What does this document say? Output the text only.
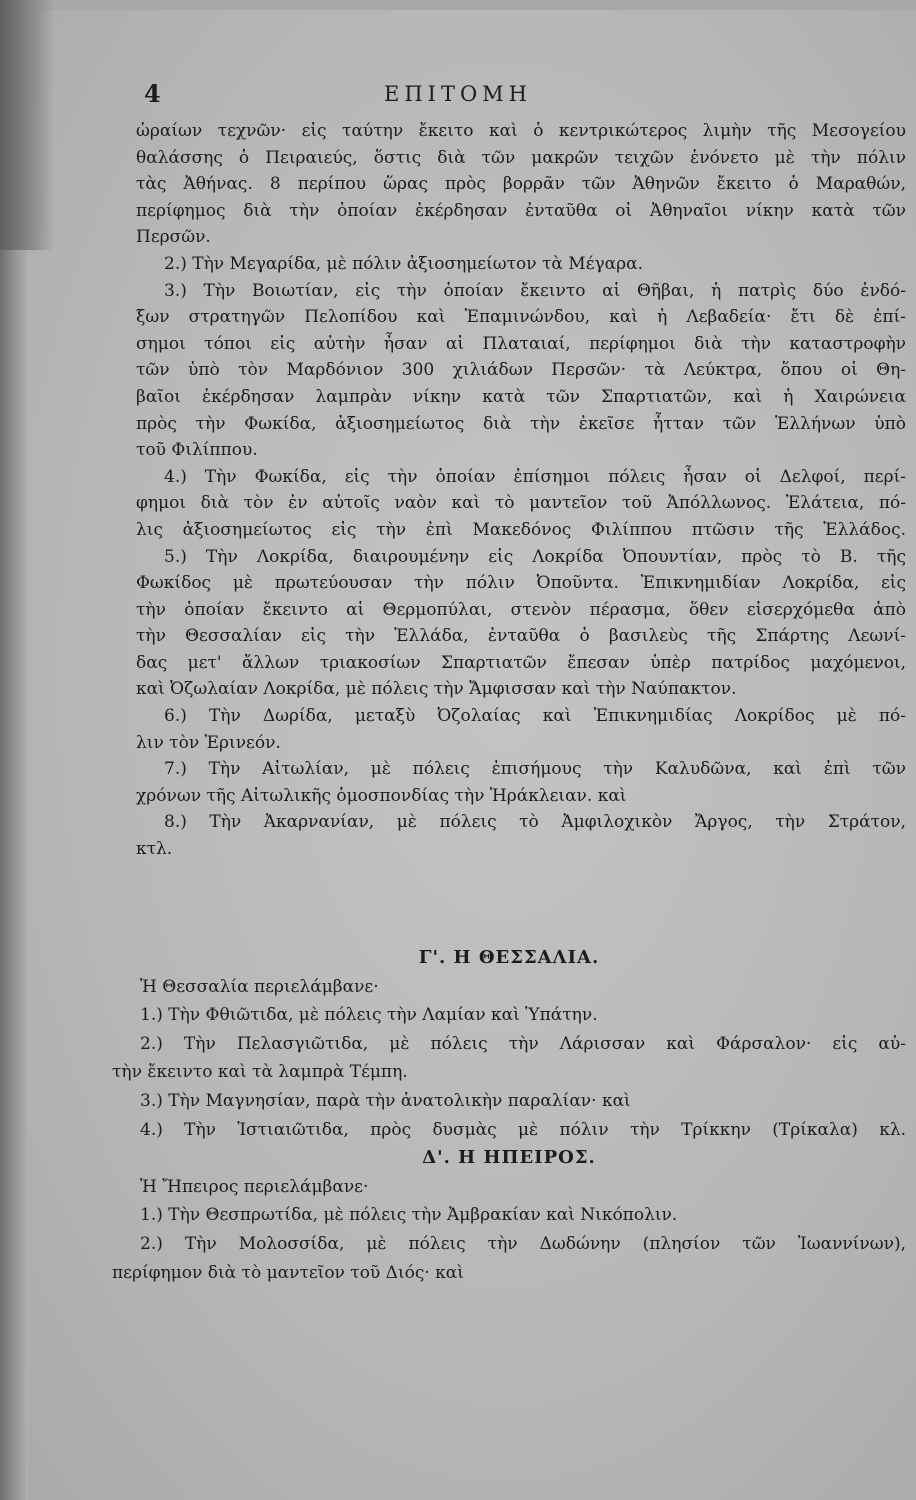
4	ΕΠΙΤΟΜΗ
ὡραίων τεχνῶν· εἰς ταύτην ἔκειτο καὶ ὁ κεντρικώτερος λιμὴν τῆς Μεσογείου
θαλάσσης ὁ Πειραιεύς, ὅστις διὰ τῶν μακρῶν τειχῶν ἑνόνετο μὲ τὴν πόλιν
τὰς Ἀθήνας. 8 περίπου ὥρας πρὸς βορρᾶν τῶν Ἀθηνῶν ἔκειτο ὁ Μαραθών,
περίφημος διὰ τὴν ὁποίαν ἐκέρδησαν ἐνταῦθα οἱ Ἀθηναῖοι νίκην κατὰ τῶν
Περσῶν.
2.) Τὴν Μεγαρίδα, μὲ πόλιν ἀξιοσημείωτον τὰ Μέγαρα.
3.) Τὴν Βοιωτίαν, εἰς τὴν ὁποίαν ἔκειντο αἱ Θῆβαι, ἡ πατρὶς δύο ἐνδό-
ξων στρατηγῶν Πελοπίδου καὶ Ἐπαμινώνδου, καὶ ἡ Λεβαδεία· ἔτι δὲ ἐπί-
σημοι τόποι εἰς αὐτὴν ἦσαν αἱ Πλαταιαί, περίφημοι διὰ τὴν καταστροφὴν
τῶν ὑπὸ τὸν Μαρδόνιον 300 χιλιάδων Περσῶν· τὰ Λεύκτρα, ὅπου οἱ Θη-
βαῖοι ἐκέρδησαν λαμπρὰν νίκην κατὰ τῶν Σπαρτιατῶν, καὶ ἡ Χαιρώνεια
πρὸς τὴν Φωκίδα, ἀξιοσημείωτος διὰ τὴν ἐκεῖσε ἧτταν τῶν Ἑλλήνων ὑπὸ
τοῦ Φιλίππου.
4.) Τὴν Φωκίδα, εἰς τὴν ὁποίαν ἐπίσημοι πόλεις ἦσαν οἱ Δελφοί, περί-
φημοι διὰ τὸν ἐν αὐτοῖς ναὸν καὶ τὸ μαντεῖον τοῦ Ἀπόλλωνος. Ἐλάτεια, πό-
λις ἀξιοσημείωτος εἰς τὴν ἐπὶ Μακεδόνος Φιλίππου πτῶσιν τῆς Ἑλλάδος.
5.) Τὴν Λοκρίδα, διαιρουμένην εἰς Λοκρίδα Ὀπουντίαν, πρὸς τὸ Β. τῆς
Φωκίδος μὲ πρωτεύουσαν τὴν πόλιν Ὀποῦντα. Ἐπικνημιδίαν Λοκρίδα, εἰς
τὴν ὁποίαν ἔκειντο αἱ Θερμοπύλαι, στενὸν πέρασμα, ὅθεν εἰσερχόμεθα ἀπὸ
τὴν Θεσσαλίαν εἰς τὴν Ἑλλάδα, ἐνταῦθα ὁ βασιλεὺς τῆς Σπάρτης Λεωνί-
δας μετ' ἄλλων τριακοσίων Σπαρτιατῶν ἔπεσαν ὑπὲρ πατρίδος μαχόμενοι,
καὶ Ὀζωλαίαν Λοκρίδα, μὲ πόλεις τὴν Ἄμφισσαν καὶ τὴν Ναύπακτον.
6.) Τὴν Δωρίδα, μεταξὺ Ὀζολαίας καὶ Ἐπικνημιδίας Λοκρίδος μὲ πό-
λιν τὸν Ἐρινεόν.
7.) Τὴν Αἰτωλίαν, μὲ πόλεις ἐπισήμους τὴν Καλυδῶνα, καὶ ἐπὶ τῶν
χρόνων τῆς Αἰτωλικῆς ὁμοσπονδίας τὴν Ἡράκλειαν. καὶ
8.) Τὴν Ἀκαρνανίαν, μὲ πόλεις τὸ Ἀμφιλοχικὸν Ἄργος, τὴν Στράτον,
κτλ.
Γ'. Η ΘΕΣΣΑΛΙΑ.
Ἡ Θεσσαλία περιελάμβανε·
1.) Τὴν Φθιῶτιδα, μὲ πόλεις τὴν Λαμίαν καὶ Ὑπάτην.
2.) Τὴν Πελασγιῶτιδα, μὲ πόλεις τὴν Λάρισσαν καὶ Φάρσαλον· εἰς αὐ-
τὴν ἔκειντο καὶ τὰ λαμπρὰ Τέμπη.
3.) Τὴν Μαγνησίαν, παρὰ τὴν ἀνατολικὴν παραλίαν· καὶ
4.) Τὴν Ἱστιαιῶτιδα, πρὸς δυσμὰς μὲ πόλιν τὴν Τρίκκην (Τρίκαλα) κλ.
Δ'. Η ΗΠΕΙΡΟΣ.
Ἡ Ἤπειρος περιελάμβανε·
1.) Τὴν Θεσπρωτίδα, μὲ πόλεις τὴν Ἀμβρακίαν καὶ Νικόπολιν.
2.) Τὴν Μολοσσίδα, μὲ πόλεις τὴν Δωδώνην (πλησίον τῶν Ἰωαννίνων),
περίφημον διὰ τὸ μαντεῖον τοῦ Διός· καὶ
